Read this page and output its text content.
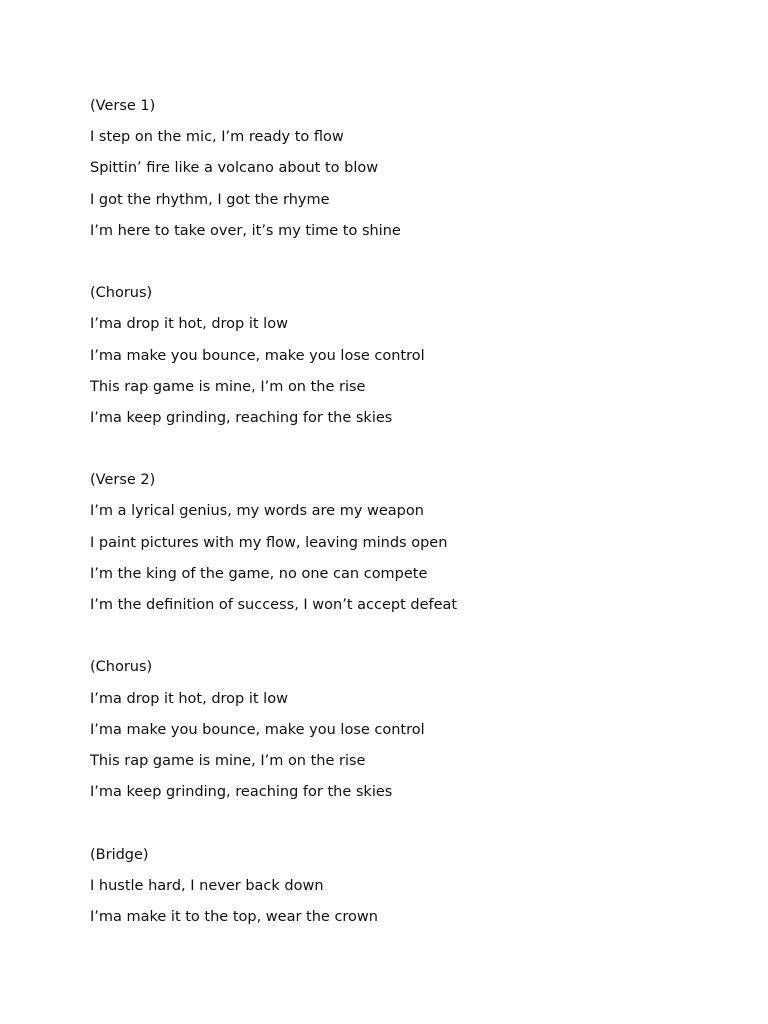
(Verse 1)
I step on the mic, I’m ready to flow
Spittin’ fire like a volcano about to blow
I got the rhythm, I got the rhyme
I’m here to take over, it’s my time to shine
(Chorus)
I’ma drop it hot, drop it low
I’ma make you bounce, make you lose control
This rap game is mine, I’m on the rise
I’ma keep grinding, reaching for the skies
(Verse 2)
I’m a lyrical genius, my words are my weapon
I paint pictures with my flow, leaving minds open
I’m the king of the game, no one can compete
I’m the definition of success, I won’t accept defeat
(Chorus)
I’ma drop it hot, drop it low
I’ma make you bounce, make you lose control
This rap game is mine, I’m on the rise
I’ma keep grinding, reaching for the skies
(Bridge)
I hustle hard, I never back down
I’ma make it to the top, wear the crown
